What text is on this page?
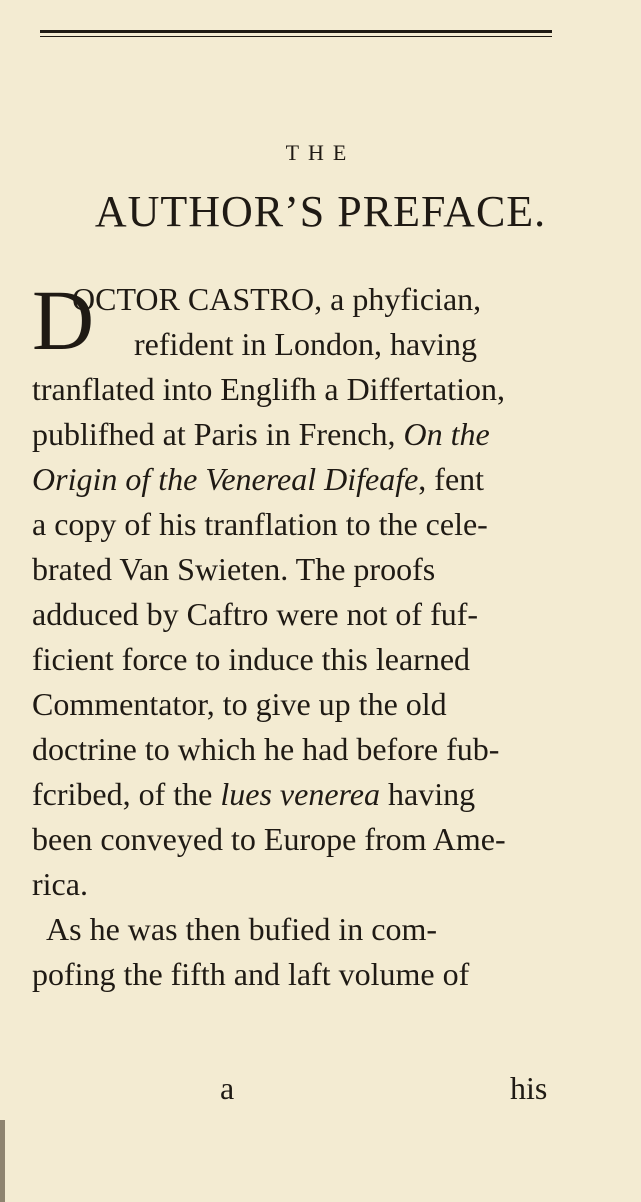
THE
AUTHOR’S PREFACE.
D
OCTOR CASTRO, a phyfician,
refident in London, having
tranflated into Englifh a Differtation,
publifhed at Paris in French, On the
Origin of the Venereal Difeafe, fent
a copy of his tranflation to the cele-
brated Van Swieten. The proofs
adduced by Caftro were not of fuf-
ficient force to induce this learned
Commentator, to give up the old
doctrine to which he had before fub-
fcribed, of the lues venerea having
been conveyed to Europe from Ame-
rica.
As he was then bufied in com-
pofing the fifth and laft volume of
a	his
